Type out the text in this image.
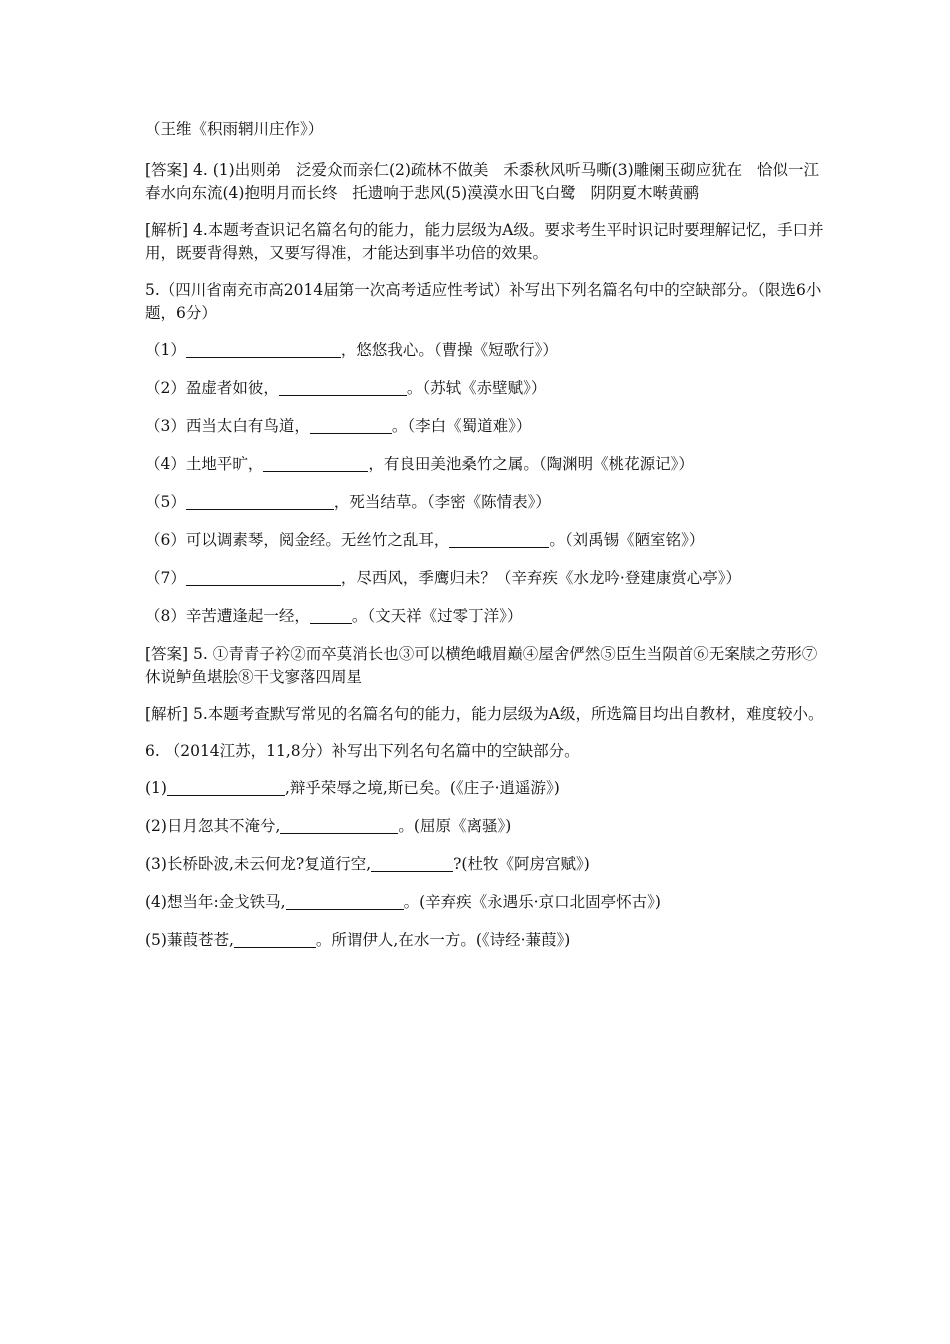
（王维《积雨辋川庄作》）

[答案] 4. (1)出则弟   泛爱众而亲仁(2)疏林不做美   禾黍秋风听马嘶(3)雕阑玉砌应犹在   恰似一江春水向东流(4)抱明月而长终   托遗响于悲风(5)漠漠水田飞白鹭   阴阴夏木啭黄鹂

[解析] 4.本题考查识记名篇名句的能力，能力层级为A级。要求考生平时识记时要理解记忆，手口并用，既要背得熟，又要写得准，才能达到事半功倍的效果。

5.（四川省南充市高2014届第一次高考适应性考试）补写出下列名篇名句中的空缺部分。（限选6小题，6分）

（1）	，悠悠我心。（曹操《短歌行》）

（2）盈虚者如彼，	。（苏轼《赤壁赋》）

（3）西当太白有鸟道，	。（李白《蜀道难》）

（4）土地平旷，	，有良田美池桑竹之属。（陶渊明《桃花源记》）

（5）	，死当结草。（李密《陈情表》）

（6）可以调素琴，阅金经。无丝竹之乱耳，	。（刘禹锡《陋室铭》）

（7）	，尽西风，季鹰归未？（辛弃疾《水龙吟·登建康赏心亭》）

（8）辛苦遭逢起一经，	。（文天祥《过零丁洋》）

[答案] 5. ①青青子衿②而卒莫消长也③可以横绝峨眉巅④屋舍俨然⑤臣生当陨首⑥无案牍之劳形⑦休说鲈鱼堪脍⑧干戈寥落四周星

[解析] 5.本题考查默写常见的名篇名句的能力，能力层级为A级，所选篇目均出自教材，难度较小。

6. （2014江苏，11,8分）补写出下列名句名篇中的空缺部分。

(1)	,辩乎荣辱之境,斯已矣。(《庄子·逍遥游》)

(2)日月忽其不淹兮,	。(屈原《离骚》)

(3)长桥卧波,未云何龙?复道行空,	?(杜牧《阿房宫赋》)

(4)想当年:金戈铁马,	。(辛弃疾《永遇乐·京口北固亭怀古》)

(5)蒹葭苍苍,	。所谓伊人,在水一方。(《诗经·蒹葭》)
